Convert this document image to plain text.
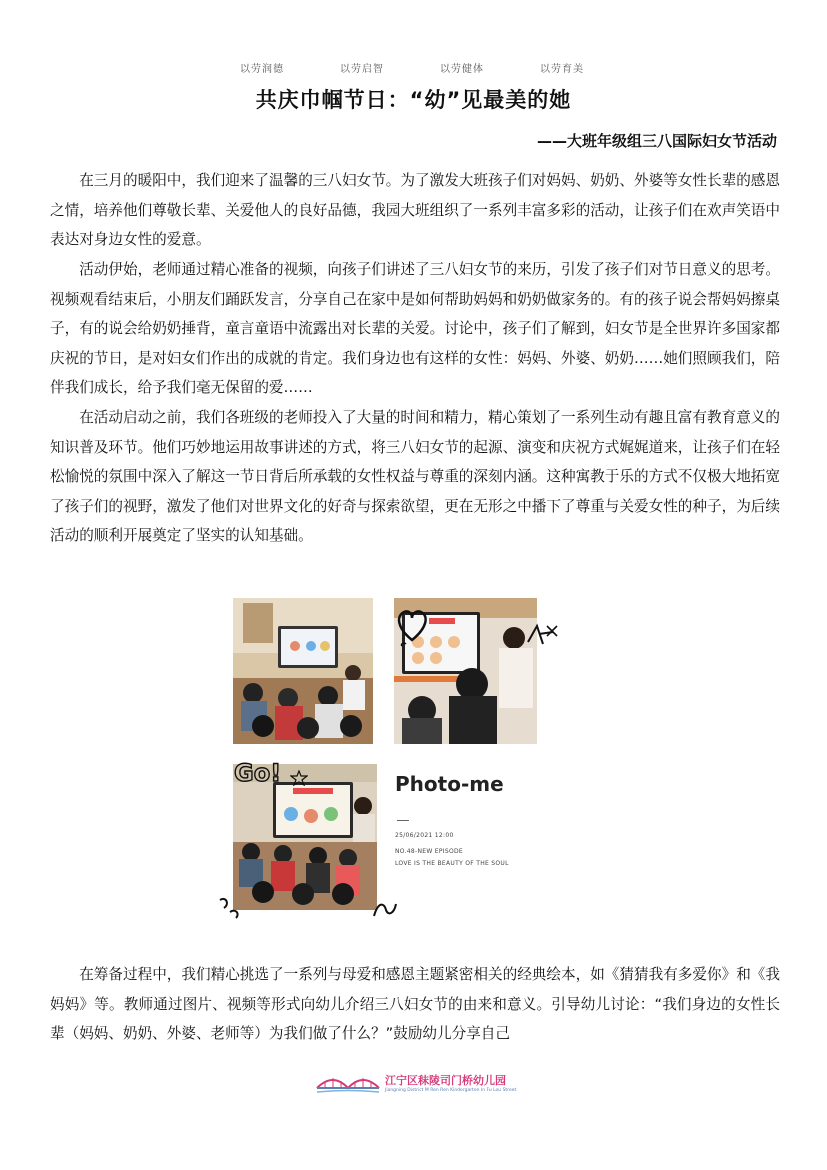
以劳润德	以劳启智	以劳健体	以劳育美
共庆巾帼节日：“幼”见最美的她
——大班年级组三八国际妇女节活动

在三月的暖阳中，我们迎来了温馨的三八妇女节。为了激发大班孩子们对妈妈、奶奶、外婆等女性长辈的感恩之情，培养他们尊敬长辈、关爱他人的良好品德，我园大班组织了一系列丰富多彩的活动，让孩子们在欢声笑语中表达对身边女性的爱意。

活动伊始，老师通过精心准备的视频，向孩子们讲述了三八妇女节的来历，引发了孩子们对节日意义的思考。视频观看结束后，小朋友们踊跃发言，分享自己在家中是如何帮助妈妈和奶奶做家务的。有的孩子说会帮妈妈擦桌子，有的说会给奶奶捶背，童言童语中流露出对长辈的关爱。讨论中，孩子们了解到，妇女节是全世界许多国家都庆祝的节日，是对妇女们作出的成就的肯定。我们身边也有这样的女性：妈妈、外婆、奶奶……她们照顾我们，陪伴我们成长，给予我们毫无保留的爱……

在活动启动之前，我们各班级的老师投入了大量的时间和精力，精心策划了一系列生动有趣且富有教育意义的知识普及环节。他们巧妙地运用故事讲述的方式，将三八妇女节的起源、演变和庆祝方式娓娓道来，让孩子们在轻松愉悦的氛围中深入了解这一节日背后所承载的女性权益与尊重的深刻内涵。这种寓教于乐的方式不仅极大地拓宽了孩子们的视野，激发了他们对世界文化的好奇与探索欲望，更在无形之中播下了尊重与关爱女性的种子，为后续活动的顺利开展奠定了坚实的认知基础。

Go!	Photo-me
25/06/2021 12:00
NO.48-NEW EPISODE
LOVE IS THE BEAUTY OF THE SOUL

在筹备过程中，我们精心挑选了一系列与母爱和感恩主题紧密相关的经典绘本，如《猜猜我有多爱你》和《我妈妈》等。教师通过图片、视频等形式向幼儿介绍三八妇女节的由来和意义。引导幼儿讨论：“我们身边的女性长辈（妈妈、奶奶、外婆、老师等）为我们做了什么？”鼓励幼儿分享自己

江宁区秣陵司门桥幼儿园
Jiangning District M Ren Ren Kindergarten In Fu Lou Street
